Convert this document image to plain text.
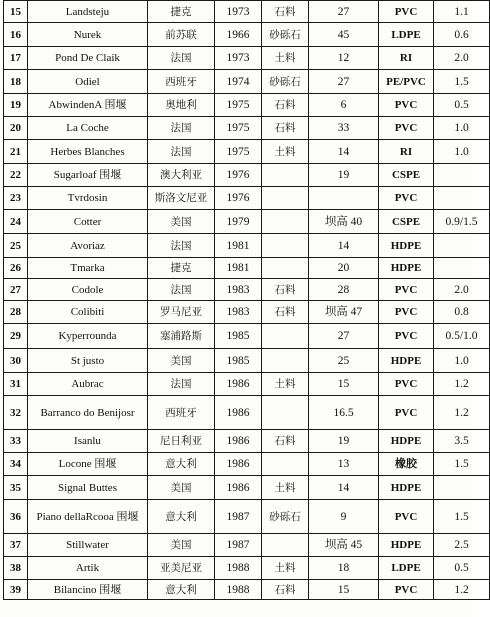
15	Landsteju	捷克	1973	石料	27	PVC	1.1
16	Nurek	前苏联	1966	砂砾石	45	LDPE	0.6
17	Pond De Claik	法国	1973	土料	12	RI	2.0
18	Odiel	西班牙	1974	砂砾石	27	PE/PVC	1.5
19	AbwindenA 围堰	奥地利	1975	石料	6	PVC	0.5
20	La Coche	法国	1975	石料	33	PVC	1.0
21	Herbes Blanches	法国	1975	土料	14	RI	1.0
22	Sugarloaf 围堰	澳大利亚	1976		19	CSPE	
23	Tvrdosin	斯洛文尼亚	1976			PVC	
24	Cotter	美国	1979		坝高 40	CSPE	0.9/1.5
25	Avoriaz	法国	1981		14	HDPE	
26	Tmarka	捷克	1981		20	HDPE	
27	Codole	法国	1983	石料	28	PVC	2.0
28	Colibiti	罗马尼亚	1983	石料	坝高 47	PVC	0.8
29	Kyperrounda	塞浦路斯	1985		27	PVC	0.5/1.0
30	St justo	美国	1985		25	HDPE	1.0
31	Aubrac	法国	1986	土料	15	PVC	1.2
32	Barranco do Benijosr	西班牙	1986		16.5	PVC	1.2
33	Isanlu	尼日利亚	1986	石料	19	HDPE	3.5
34	Locone 围堰	意大利	1986		13	橡胶	1.5
35	Signal Buttes	美国	1986	土料	14	HDPE	
36	Piano dellaRcooa 围堰	意大利	1987	砂砾石	9	PVC	1.5
37	Stillwater	美国	1987		坝高 45	HDPE	2.5
38	Artik	亚美尼亚	1988	土料	18	LDPE	0.5
39	Bilancino 围堰	意大利	1988	石料	15	PVC	1.2
